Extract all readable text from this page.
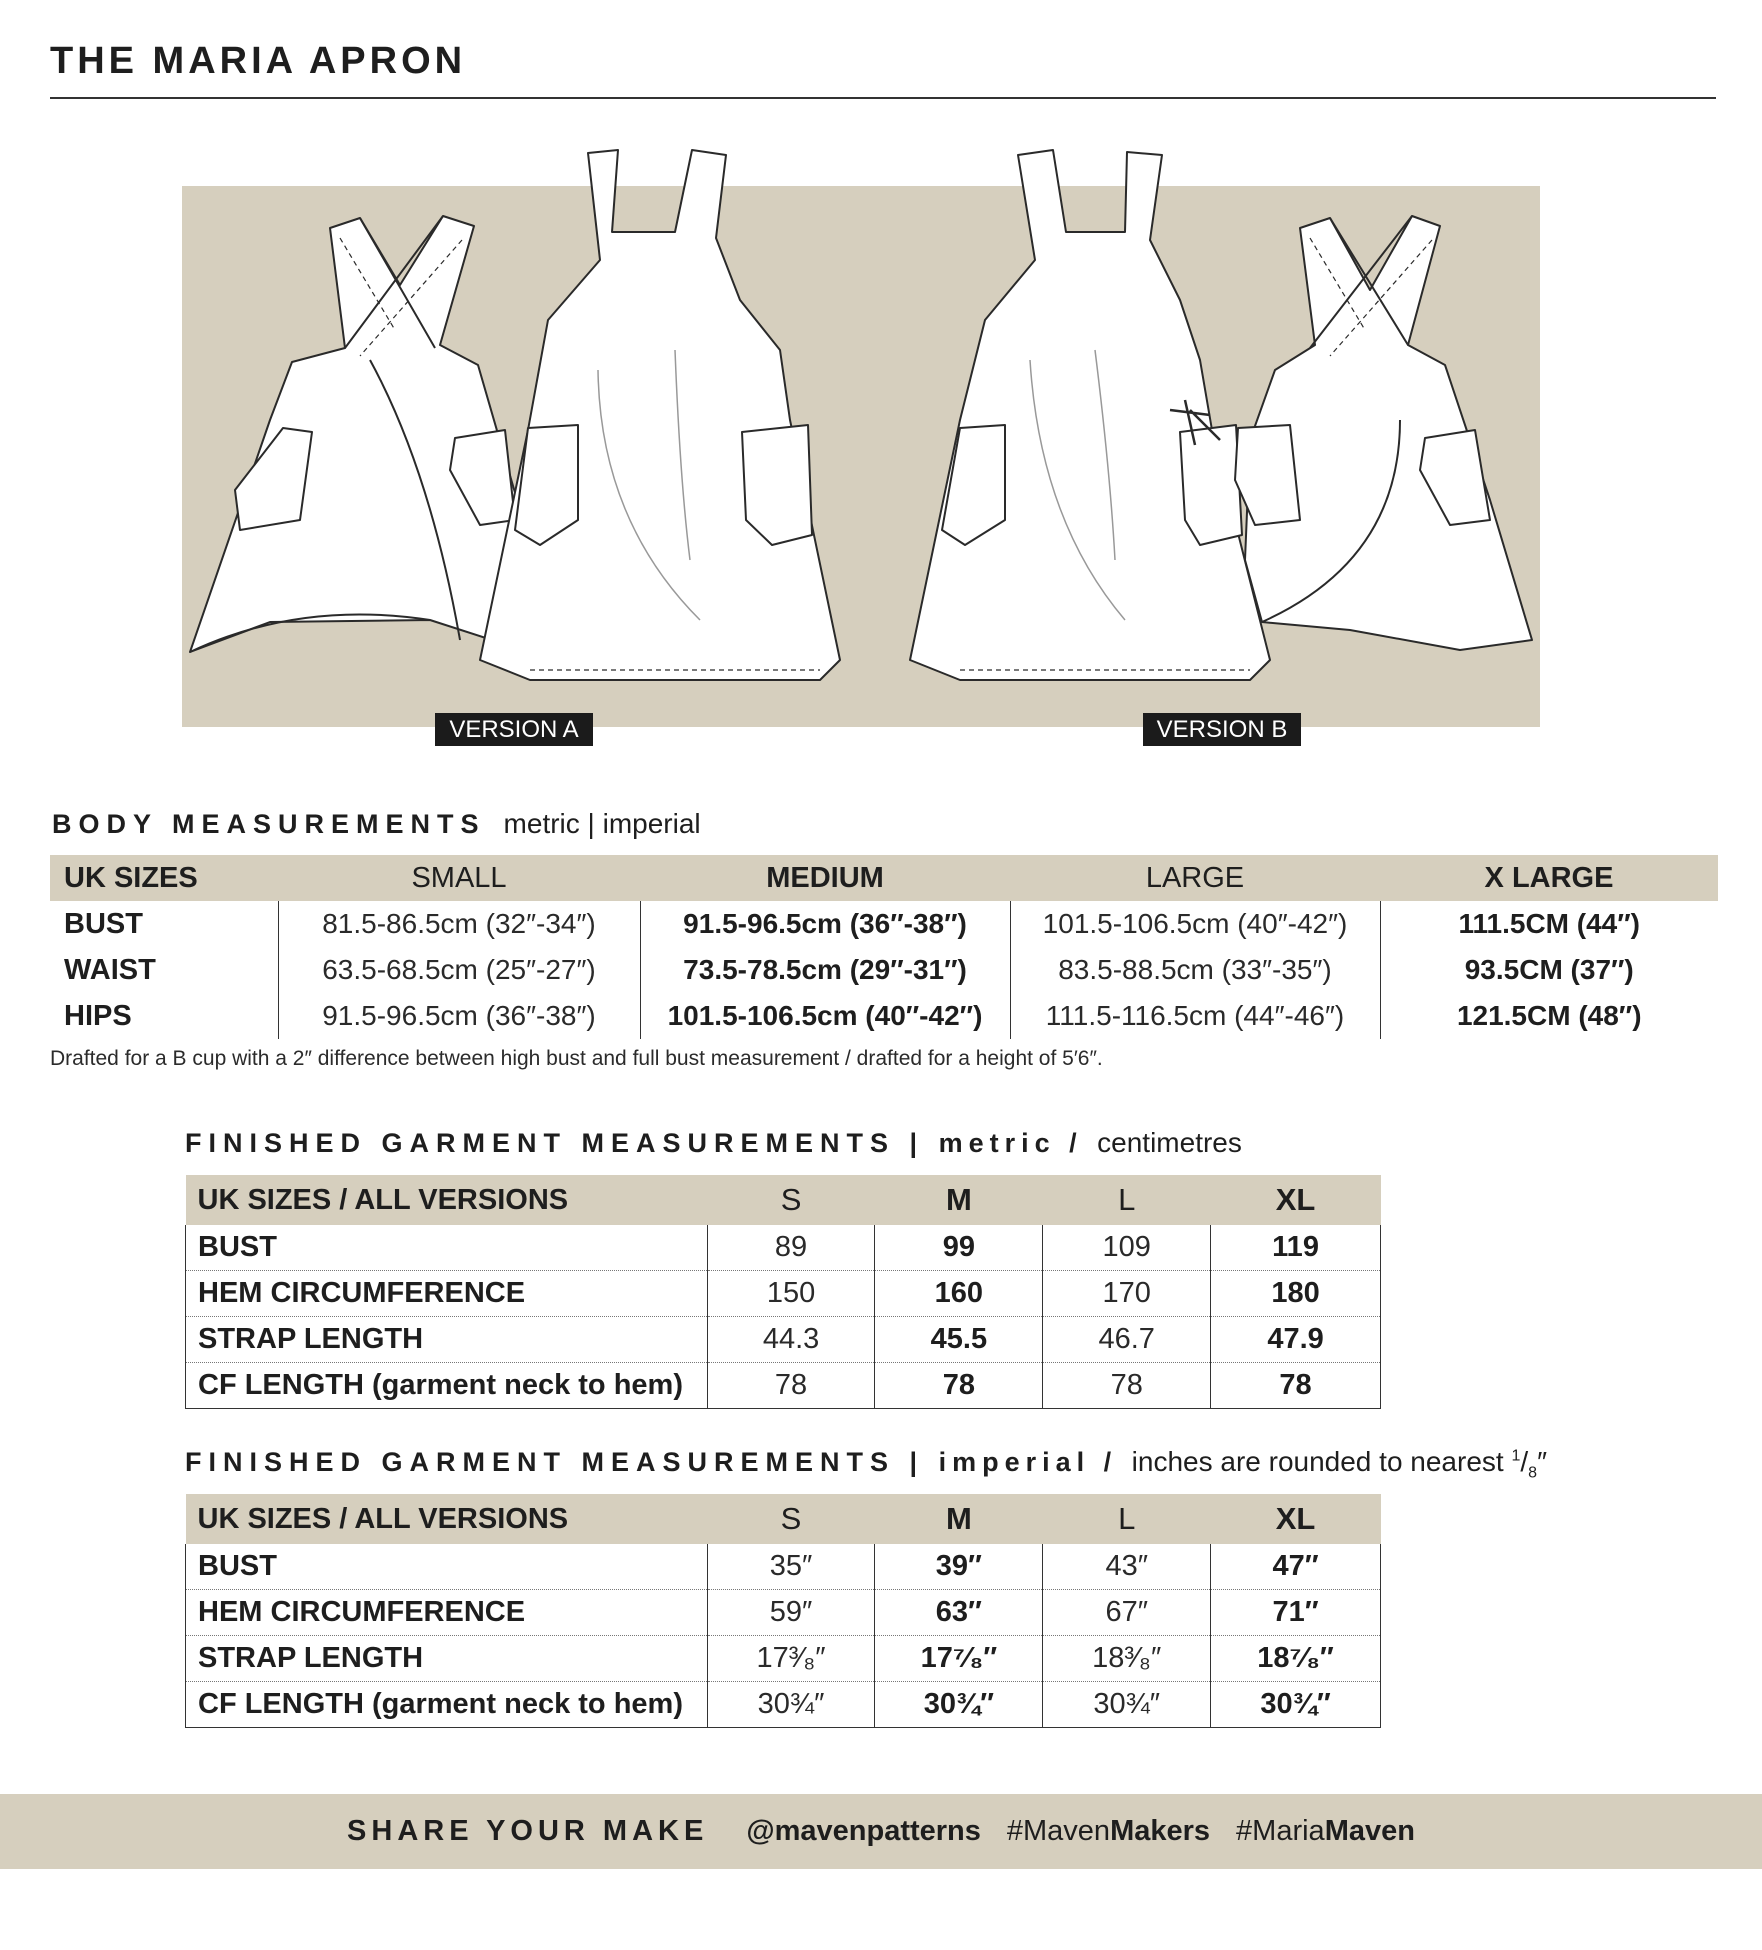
THE MARIA APRON
VERSION A	VERSION B
BODY MEASUREMENTS metric | imperial
UK SIZES	SMALL	MEDIUM	LARGE	X LARGE
BUST	81.5-86.5cm (32″-34″)	91.5-96.5cm (36″-38″)	101.5-106.5cm (40″-42″)	111.5CM (44″)
WAIST	63.5-68.5cm (25″-27″)	73.5-78.5cm (29″-31″)	83.5-88.5cm (33″-35″)	93.5CM (37″)
HIPS	91.5-96.5cm (36″-38″)	101.5-106.5cm (40″-42″)	111.5-116.5cm (44″-46″)	121.5CM (48″)

Drafted for a B cup with a 2″ difference between high bust and full bust measurement / drafted for a height of 5′6″.

FINISHED GARMENT MEASUREMENTS | metric / centimetres
UK SIZES / ALL VERSIONS	S	M	L	XL
BUST	89	99	109	119
HEM CIRCUMFERENCE	150	160	170	180
STRAP LENGTH	44.3	45.5	46.7	47.9
CF LENGTH (garment neck to hem)	78	78	78	78
FINISHED GARMENT MEASUREMENTS | imperial / inches are rounded to nearest $^1/_8''$
UK SIZES / ALL VERSIONS	S	M	L	XL
BUST	35″	39″	43″	47″
HEM CIRCUMFERENCE	59″	63″	67″	71″
STRAP LENGTH	17³⁄₈″	17⁷⁄₈″	18³⁄₈″	18⁷⁄₈″
CF LENGTH (garment neck to hem)	30¾″	30¾″	30¾″	30¾″
SHARE YOUR MAKE @mavenpatterns #MavenMakers #MariaMaven
